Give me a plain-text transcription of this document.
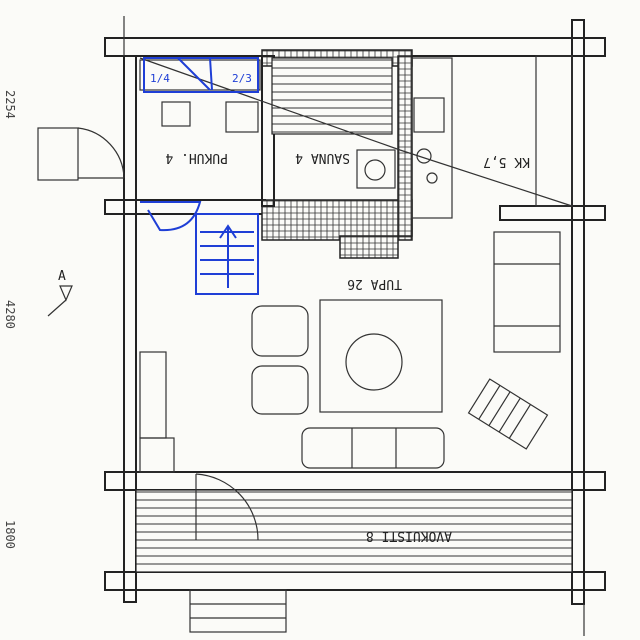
1/4	2/3
A
PUKUH. 4	SAUNA 4	KK 5,7
TUPA 26
AVOKUISTI 8
2254
4280
1800
